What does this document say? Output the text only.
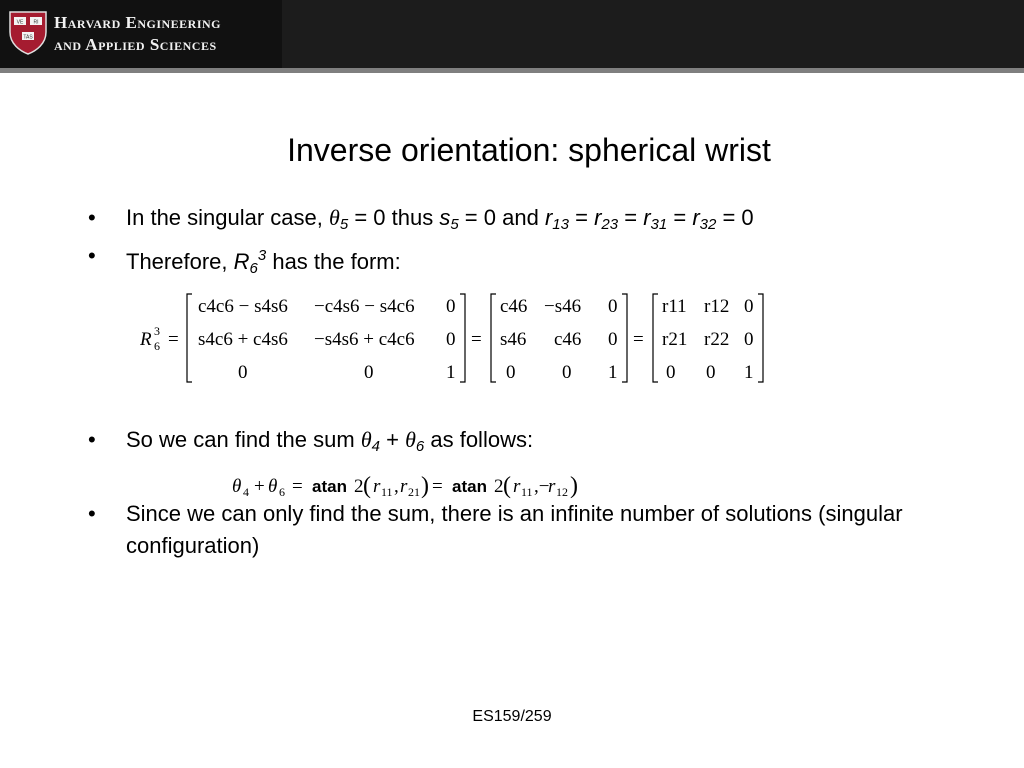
VE RI
TAS
Harvard Engineering
and Applied Sciences
Inverse orientation: spherical wrist
• In the singular case, $\theta_5 = 0$ thus $s_5 = 0$ and $r_{13} = r_{23} = r_{31} = r_{32} = 0$
• Therefore, $R_6^3$ has the form:
R 3
6 =
c4c6 − s4s6 −c4s6 − s4c6 0
s4c6 + c4s6 −s4s6 + c4c6 0
0	0	1
=
c46 −s46 0
s46 c46 0
0 0 1
=
r11 r12 0
r21 r22 0
0 0 1
• So we can find the sum $\theta_4 + \theta_6$ as follows:
θ 4 + θ 6 = atan 2 ( r 11 , r 21 ) = atan 2 ( r 11 ,−
r 12 )
• Since we can only find the sum, there is an infinite number of solutions (singular configuration)
ES159/259
